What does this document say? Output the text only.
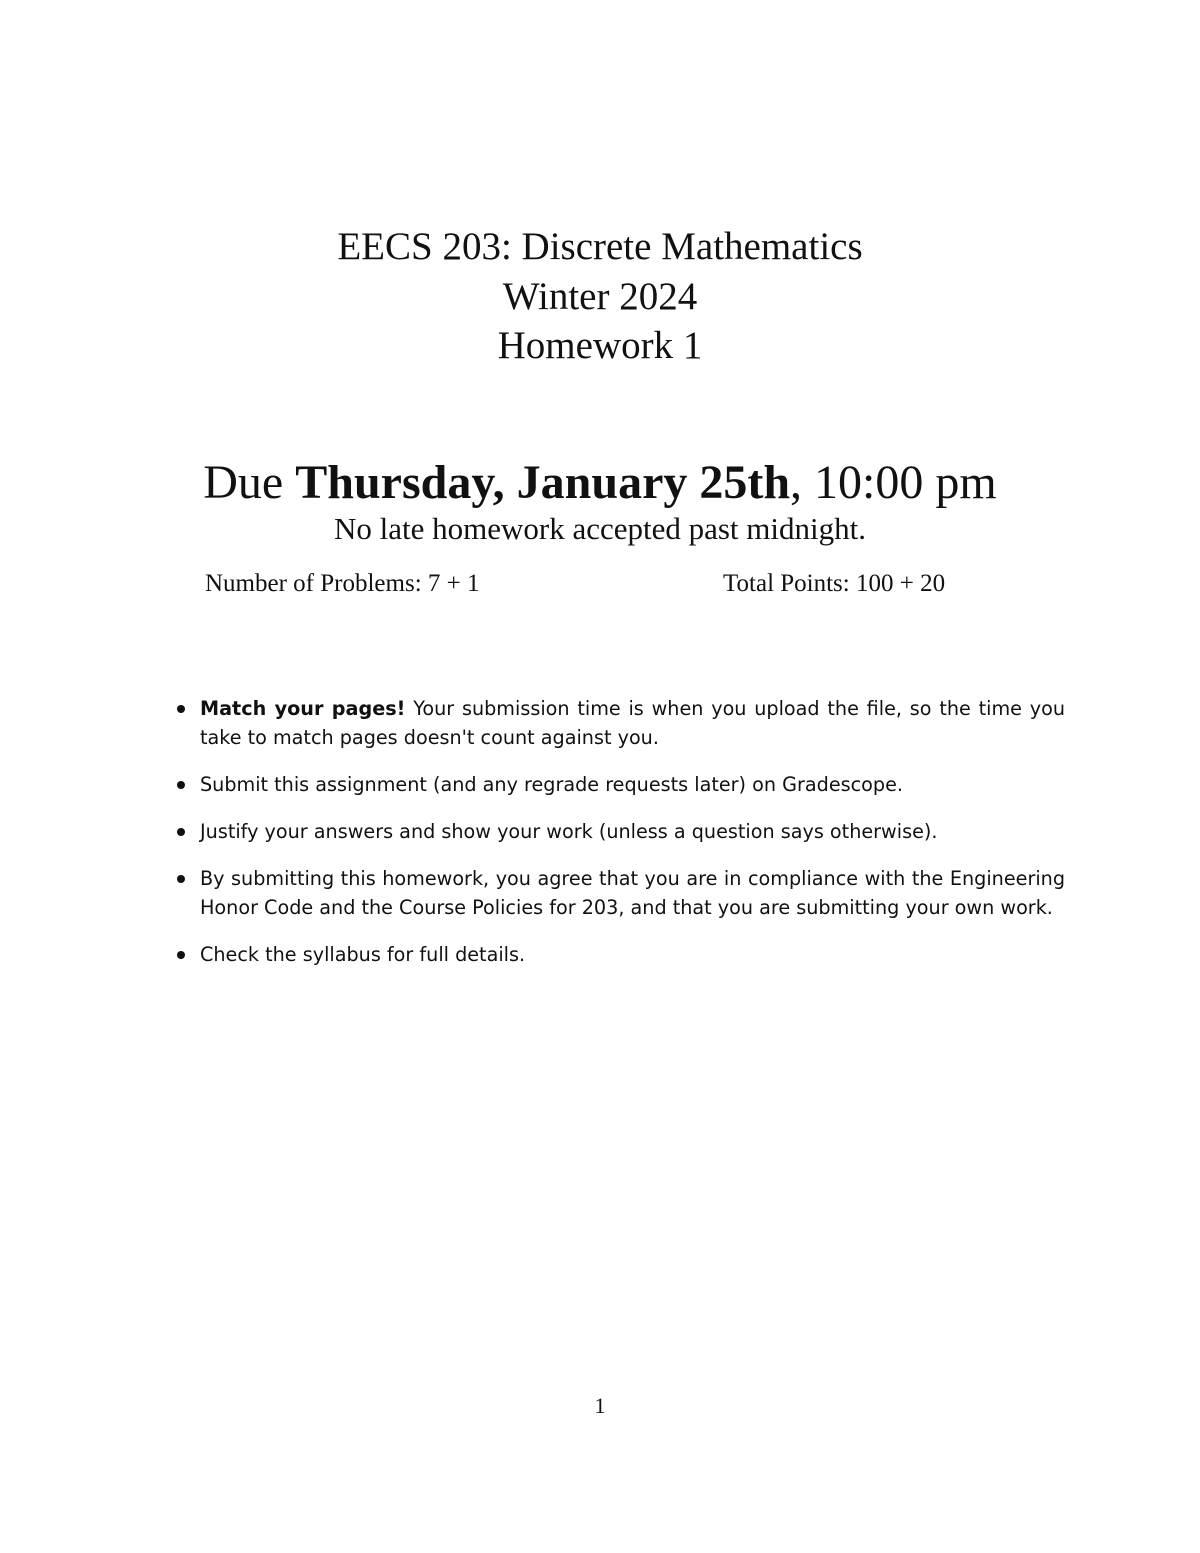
EECS 203: Discrete Mathematics
Winter 2024
Homework 1
Due Thursday, January 25th, 10:00 pm
No late homework accepted past midnight.
Number of Problems: 7 + 1	Total Points: 100 + 20
Match your pages! Your submission time is when you upload the file, so the time you take to match pages doesn't count against you.
Submit this assignment (and any regrade requests later) on Gradescope.
Justify your answers and show your work (unless a question says otherwise).
By submitting this homework, you agree that you are in compliance with the Engineering Honor Code and the Course Policies for 203, and that you are submitting your own work.
Check the syllabus for full details.
1
